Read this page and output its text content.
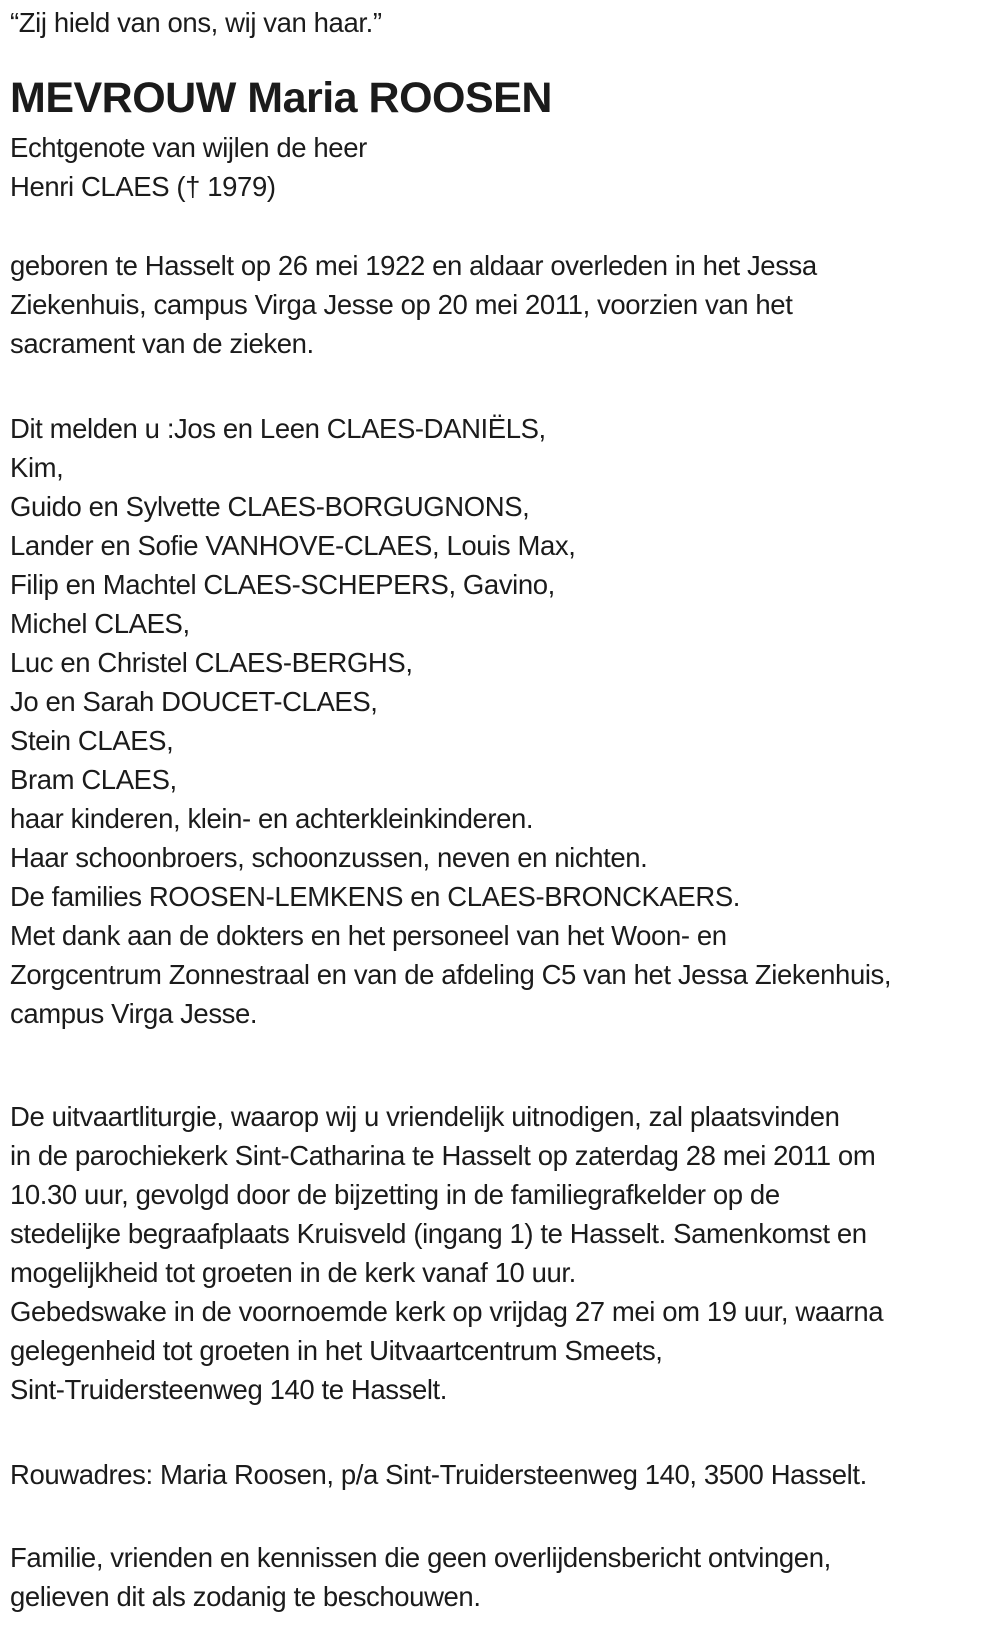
“Zij hield van ons, wij van haar.”
MEVROUW Maria ROOSEN
Echtgenote van wijlen de heer
Henri CLAES († 1979)
geboren te Hasselt op 26 mei 1922 en aldaar overleden in het Jessa
Ziekenhuis, campus Virga Jesse op 20 mei 2011, voorzien van het
sacrament van de zieken.
Dit melden u :Jos en Leen CLAES-DANIËLS,
Kim,
Guido en Sylvette CLAES-BORGUGNONS,
Lander en Sofie VANHOVE-CLAES, Louis Max,
Filip en Machtel CLAES-SCHEPERS, Gavino,
Michel CLAES,
Luc en Christel CLAES-BERGHS,
Jo en Sarah DOUCET-CLAES,
Stein CLAES,
Bram CLAES,
haar kinderen, klein- en achterkleinkinderen.
Haar schoonbroers, schoonzussen, neven en nichten.
De families ROOSEN-LEMKENS en CLAES-BRONCKAERS.
Met dank aan de dokters en het personeel van het Woon- en
Zorgcentrum Zonnestraal en van de afdeling C5 van het Jessa Ziekenhuis,
campus Virga Jesse.
De uitvaartliturgie, waarop wij u vriendelijk uitnodigen, zal plaatsvinden
in de parochiekerk Sint-Catharina te Hasselt op zaterdag 28 mei 2011 om
10.30 uur, gevolgd door de bijzetting in de familiegrafkelder op de
stedelijke begraafplaats Kruisveld (ingang 1) te Hasselt. Samenkomst en
mogelijkheid tot groeten in de kerk vanaf 10 uur.
Gebedswake in de voornoemde kerk op vrijdag 27 mei om 19 uur, waarna
gelegenheid tot groeten in het Uitvaartcentrum Smeets,
Sint-Truidersteenweg 140 te Hasselt.
Rouwadres: Maria Roosen, p/a Sint-Truidersteenweg 140, 3500 Hasselt.
Familie, vrienden en kennissen die geen overlijdensbericht ontvingen,
gelieven dit als zodanig te beschouwen.
